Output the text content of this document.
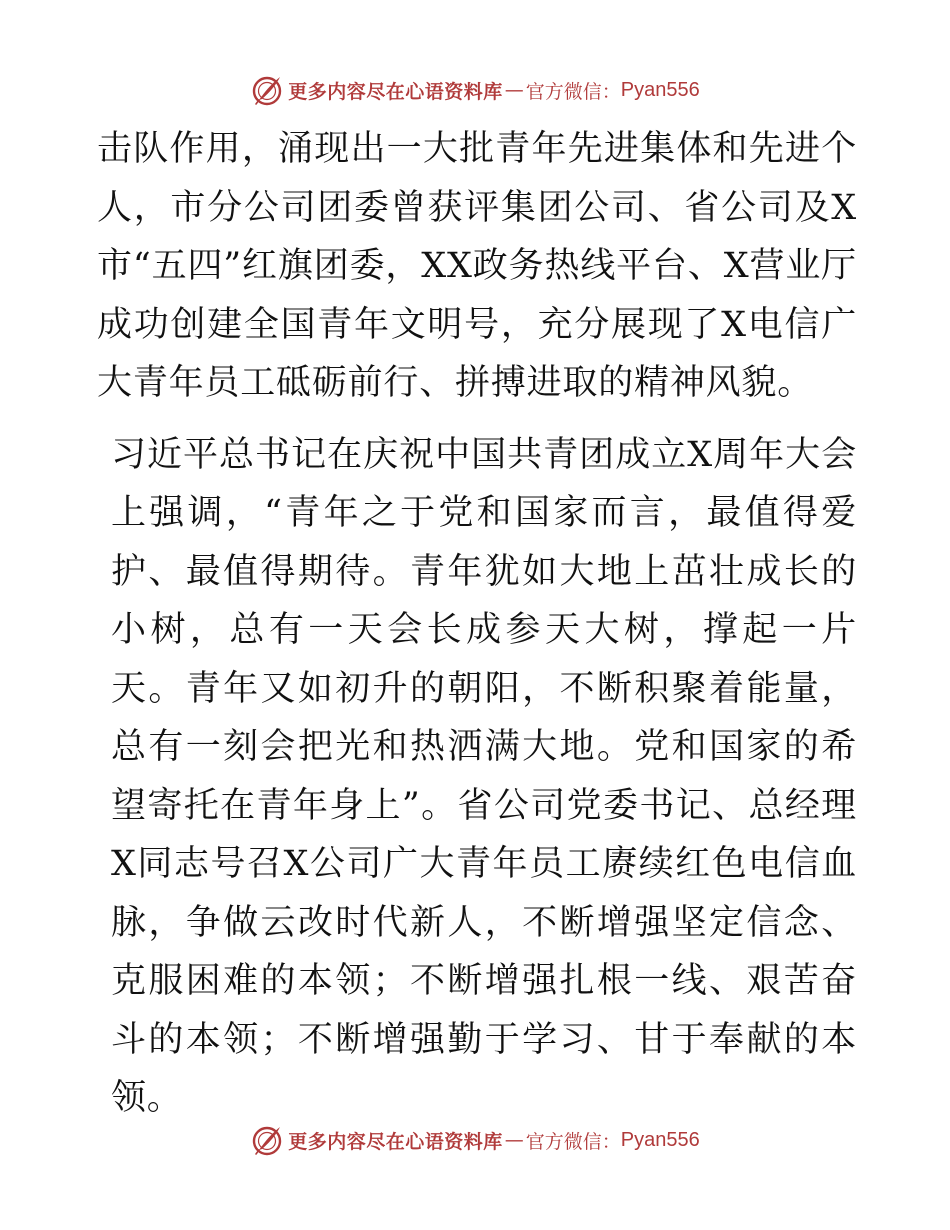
更多内容尽在心语资料库 — 官方微信： Pyan556

击队作用，涌现出一大批青年先进集体和先进个人，市分公司团委曾获评集团公司、省公司及X市“五四”红旗团委，XX政务热线平台、X营业厅成功创建全国青年文明号，充分展现了X电信广大青年员工砥砺前行、拼搏进取的精神风貌。

习近平总书记在庆祝中国共青团成立X周年大会上强调，“青年之于党和国家而言，最值得爱护、最值得期待。青年犹如大地上茁壮成长的小树，总有一天会长成参天大树，撑起一片天。青年又如初升的朝阳，不断积聚着能量，总有一刻会把光和热洒满大地。党和国家的希望寄托在青年身上”。省公司党委书记、总经理X同志号召X公司广大青年员工赓续红色电信血脉，争做云改时代新人，不断增强坚定信念、克服困难的本领；不断增强扎根一线、艰苦奋斗的本领；不断增强勤于学习、甘于奉献的本领。

更多内容尽在心语资料库 — 官方微信： Pyan556
